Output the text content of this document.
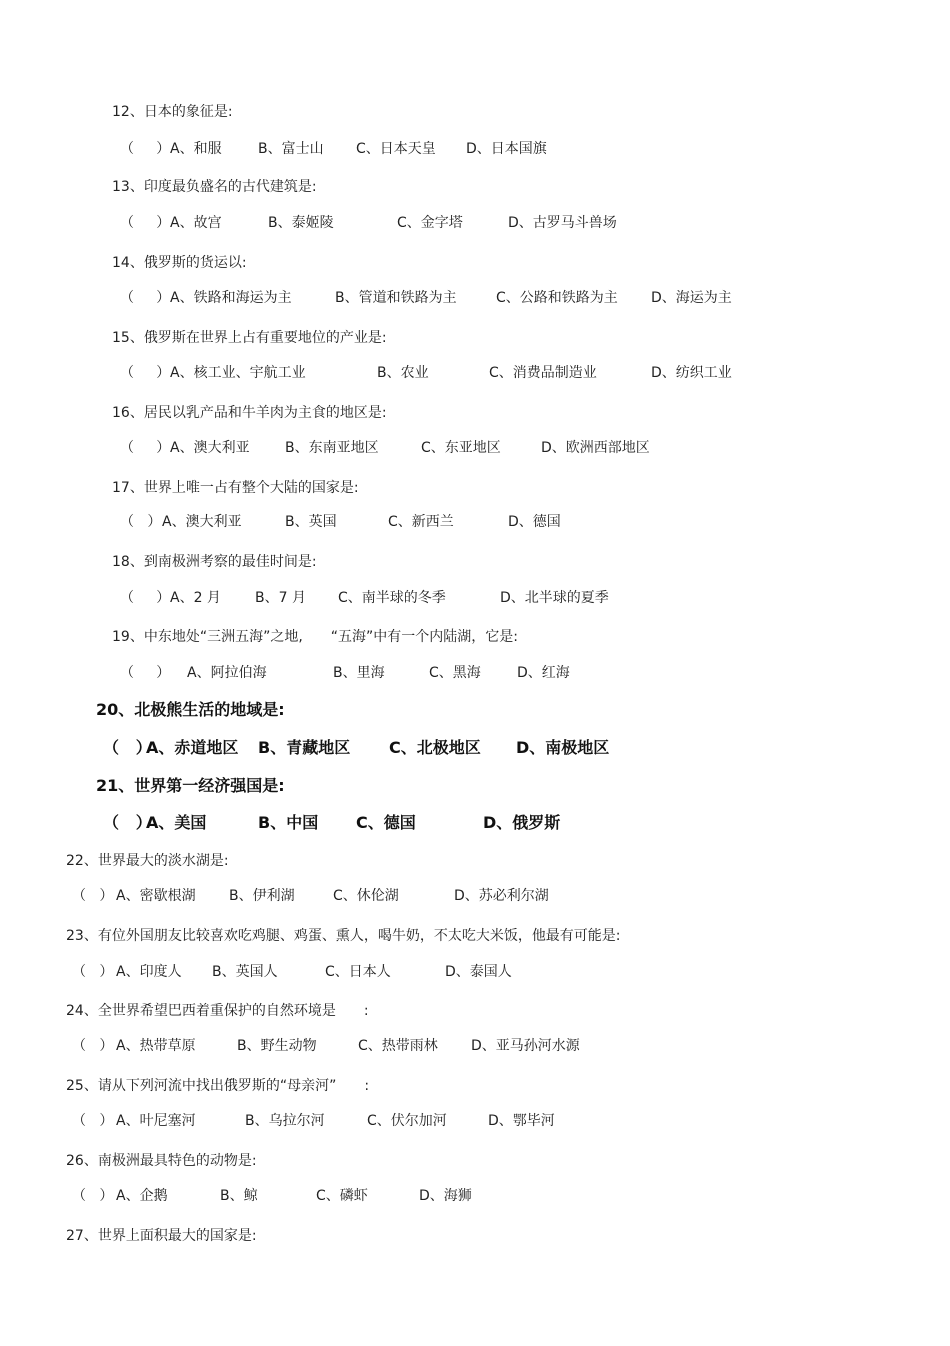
12、日本的象征是:
（     ） A、和服	B、富士山 C、日本天皇 D、日本国旗
13、印度最负盛名的古代建筑是:
（     ） A、故宫	B、泰姬陵	C、金字塔	D、古罗马斗兽场
14、俄罗斯的货运以:
（     ） A、铁路和海运为主	B、管道和铁路为主	C、公路和铁路为主 D、海运为主
15、俄罗斯在世界上占有重要地位的产业是:
（     ） A、核工业、宇航工业	B、农业	C、消费品制造业	D、纺织工业
16、居民以乳产品和牛羊肉为主食的地区是:
（     ） A、澳大利亚	B、东南亚地区	C、东亚地区	D、欧洲西部地区
17、世界上唯一占有整个大陆的国家是:
（   ） A、澳大利亚	B、英国	C、新西兰	D、德国
18、到南极洲考察的最佳时间是:
（     ） A、2 月 B、7 月 C、南半球的冬季	D、北半球的夏季
19、中东地处“三洲五海”之地,　　“五海”中有一个内陆湖，它是:
（     ） A、阿拉伯海	B、里海	C、黑海	D、红海
20、北极熊生活的地域是:
（   ）
A、赤道地区 B、青藏地区 C、北极地区 D、南极地区
21、世界第一经济强国是:
（   ）
A、美国	B、中国 C、德国	D、俄罗斯
22、世界最大的淡水湖是:
（   ） A、密歇根湖 B、伊利湖	C、休伦湖	D、苏必利尔湖
23、有位外国朋友比较喜欢吃鸡腿、鸡蛋、熏人，喝牛奶，不太吃大米饭，他最有可能是:
（   ） A、印度人 B、英国人	C、日本人	D、泰国人
24、全世界希望巴西着重保护的自然环境是　　:
（   ） A、热带草原	B、野生动物	C、热带雨林 D、亚马孙河水源
25、请从下列河流中找出俄罗斯的“母亲河”　　:
（   ） A、叶尼塞河	B、乌拉尔河	C、伏尔加河	D、鄂毕河
26、南极洲最具特色的动物是:
（   ） A、企鹅	B、鲸	C、磷虾	D、海狮
27、世界上面积最大的国家是:
